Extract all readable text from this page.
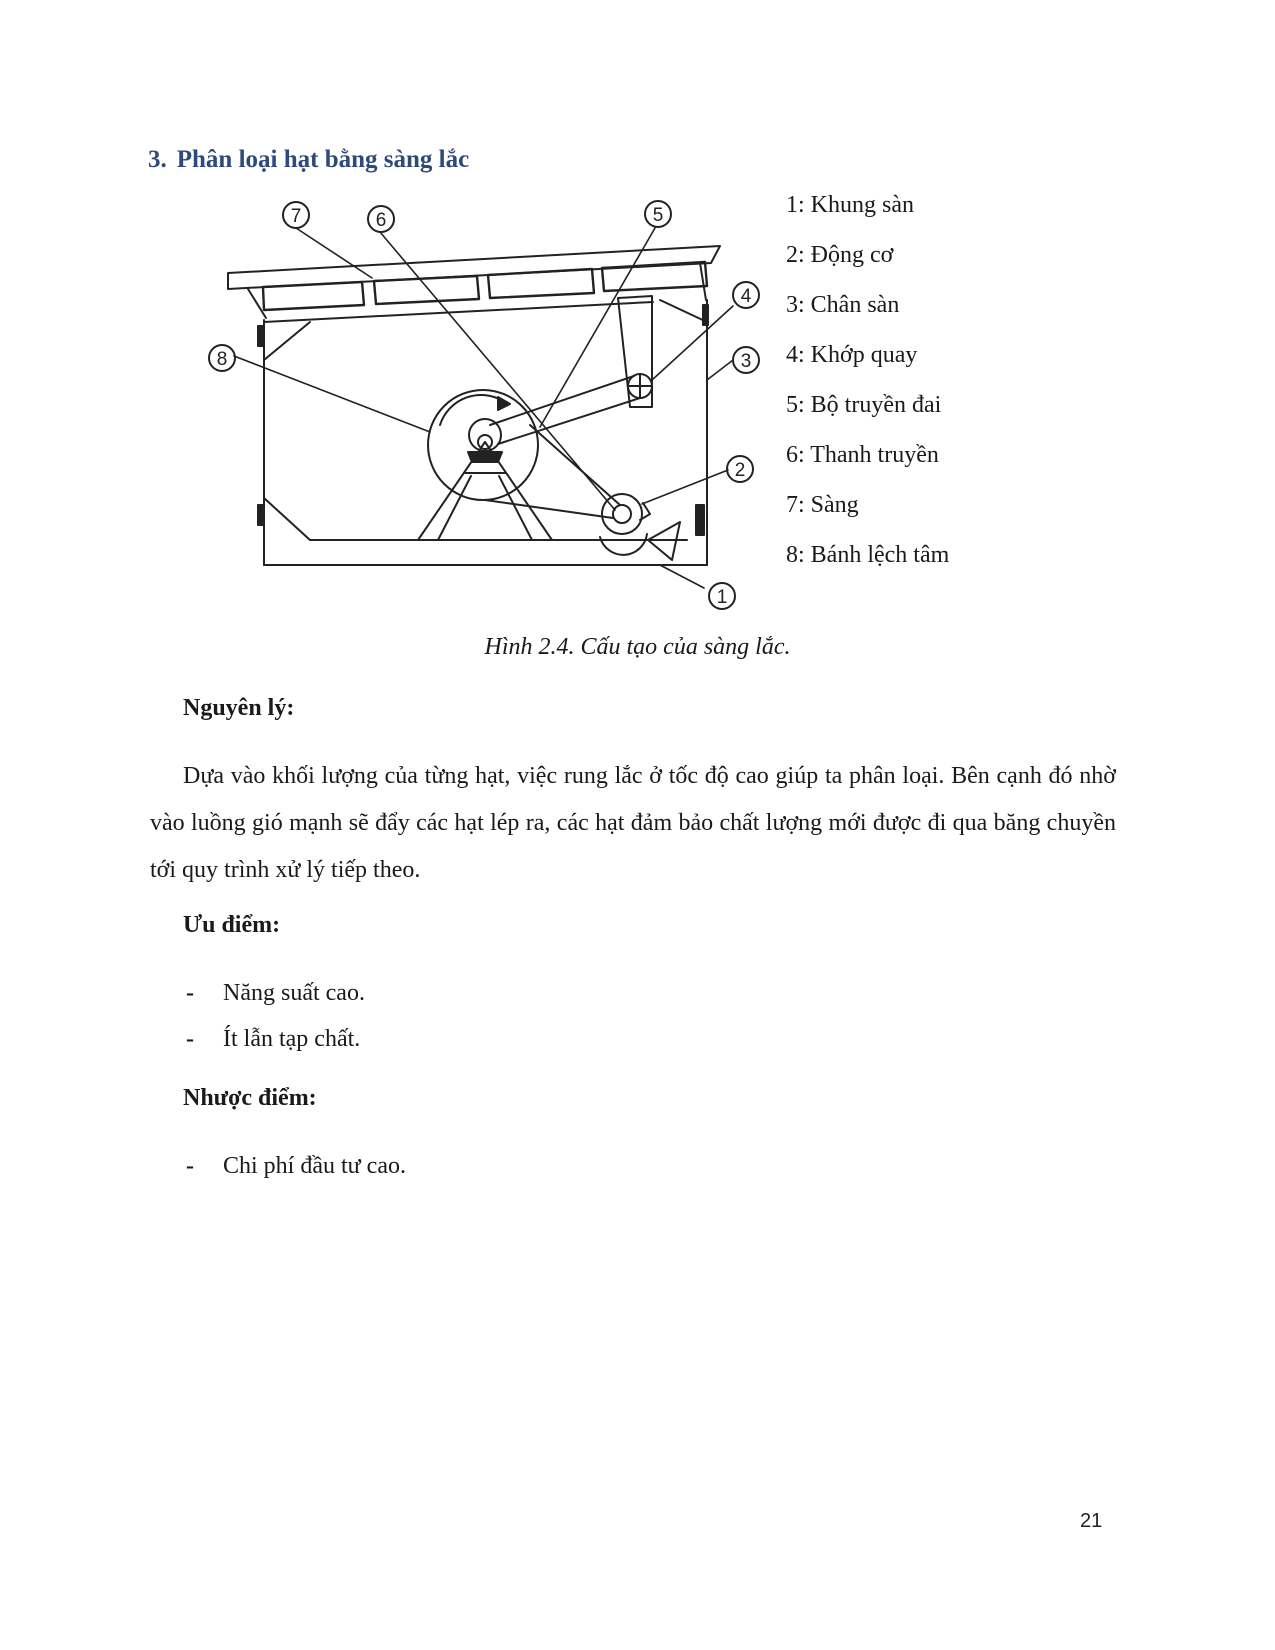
3. Phân loại hạt bằng sàng lắc
1
2
3
4
5
6
7
8
1: Khung sàn
2: Động cơ
3: Chân sàn
4: Khớp quay
5: Bộ truyền đai
6: Thanh truyền
7: Sàng
8: Bánh lệch tâm

Hình 2.4. Cấu tạo của sàng lắc.

Nguyên lý:

Dựa vào khối lượng của từng hạt, việc rung lắc ở tốc độ cao giúp ta phân loại. Bên cạnh đó nhờ vào luồng gió mạnh sẽ đẩy các hạt lép ra, các hạt đảm bảo chất lượng mới được đi qua băng chuyền tới quy trình xử lý tiếp theo.

Ưu điểm:

- Năng suất cao.
- Ít lẫn tạp chất.

Nhược điểm:

- Chi phí đầu tư cao.

21
